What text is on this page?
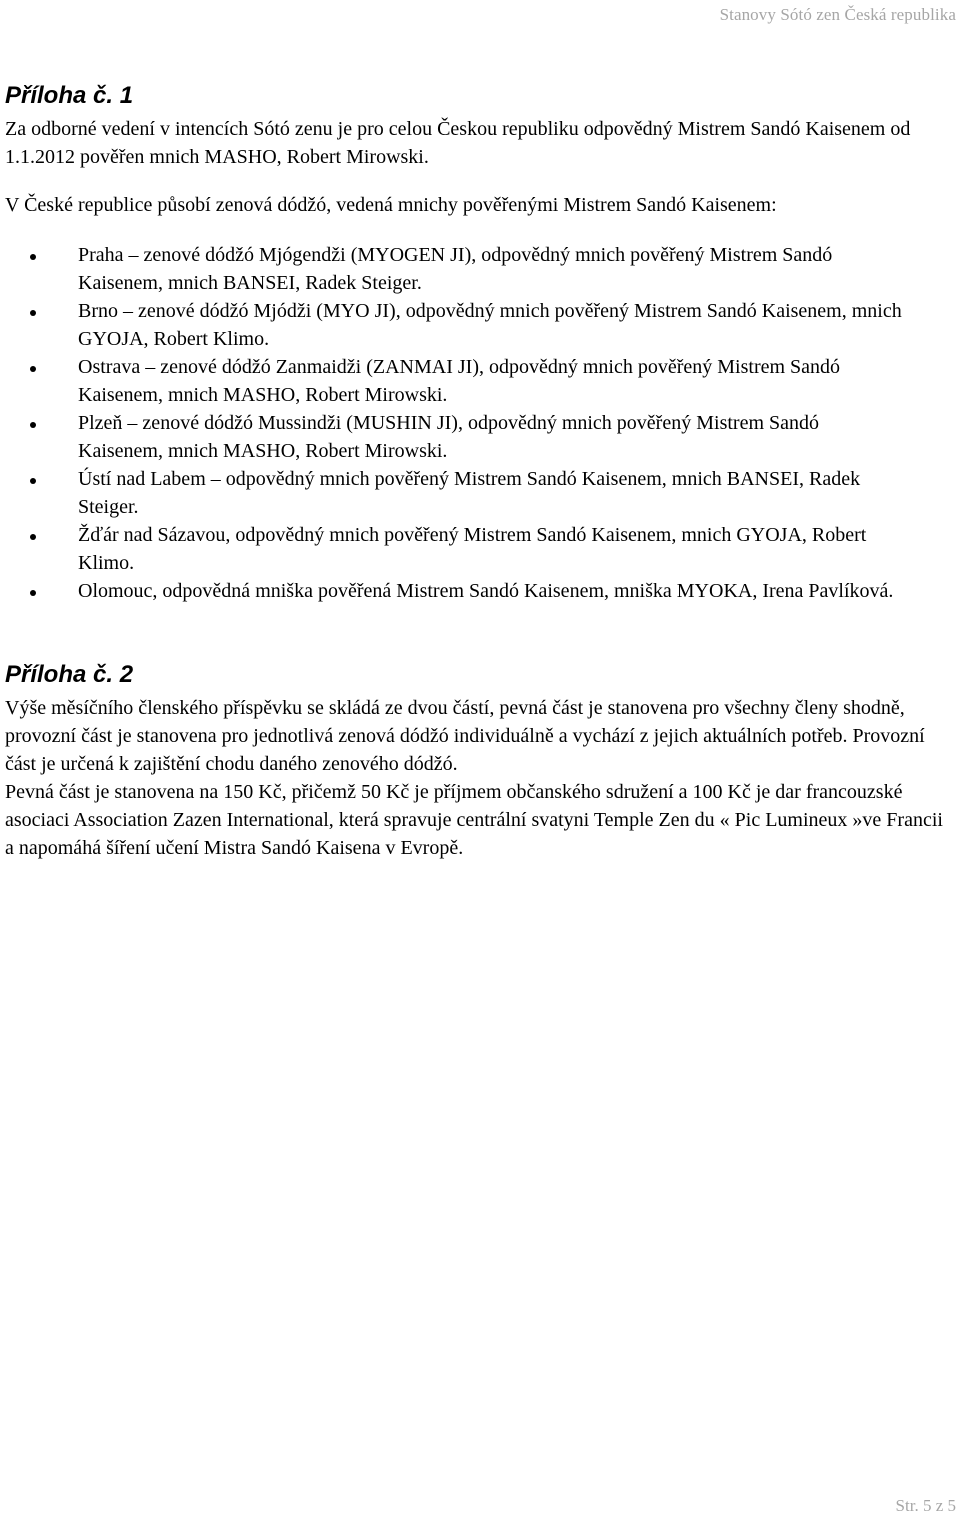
Stanovy Sótó zen Česká republika
Příloha č. 1

Za odborné vedení v intencích Sótó zenu je pro celou Českou republiku odpovědný Mistrem Sandó Kaisenem od 1.1.2012 pověřen mnich MASHO, Robert Mirowski.

V České republice působí zenová dódžó, vedená mnichy pověřenými Mistrem Sandó Kaisenem:

Praha – zenové dódžó Mjógendži (MYOGEN JI), odpovědný mnich pověřený Mistrem Sandó Kaisenem, mnich BANSEI, Radek Steiger.
Brno – zenové dódžó Mjódži (MYO JI), odpovědný mnich pověřený Mistrem Sandó Kaisenem, mnich GYOJA, Robert Klimo.
Ostrava – zenové dódžó Zanmaidži (ZANMAI JI), odpovědný mnich pověřený Mistrem Sandó Kaisenem, mnich MASHO, Robert Mirowski.
Plzeň – zenové dódžó Mussindži (MUSHIN JI), odpovědný mnich pověřený Mistrem Sandó Kaisenem, mnich MASHO, Robert Mirowski.
Ústí nad Labem – odpovědný mnich pověřený Mistrem Sandó Kaisenem, mnich BANSEI, Radek Steiger.
Žďár nad Sázavou, odpovědný mnich pověřený Mistrem Sandó Kaisenem, mnich GYOJA, Robert Klimo.
Olomouc, odpovědná mniška pověřená Mistrem Sandó Kaisenem, mniška MYOKA, Irena Pavlíková.
Příloha č. 2

Výše měsíčního členského příspěvku se skládá ze dvou částí, pevná část je stanovena pro všechny členy shodně, provozní část je stanovena pro jednotlivá zenová dódžó individuálně a vychází z jejich aktuálních potřeb. Provozní část je určená k zajištění chodu daného zenového dódžó.

Pevná část je stanovena na 150 Kč, přičemž 50 Kč je příjmem občanského sdružení a 100 Kč je dar francouzské asociaci Association Zazen International, která spravuje centrální svatyni Temple Zen du « Pic Lumineux »ve Francii a napomáhá šíření učení Mistra Sandó Kaisena v Evropě.

Str. 5 z 5
